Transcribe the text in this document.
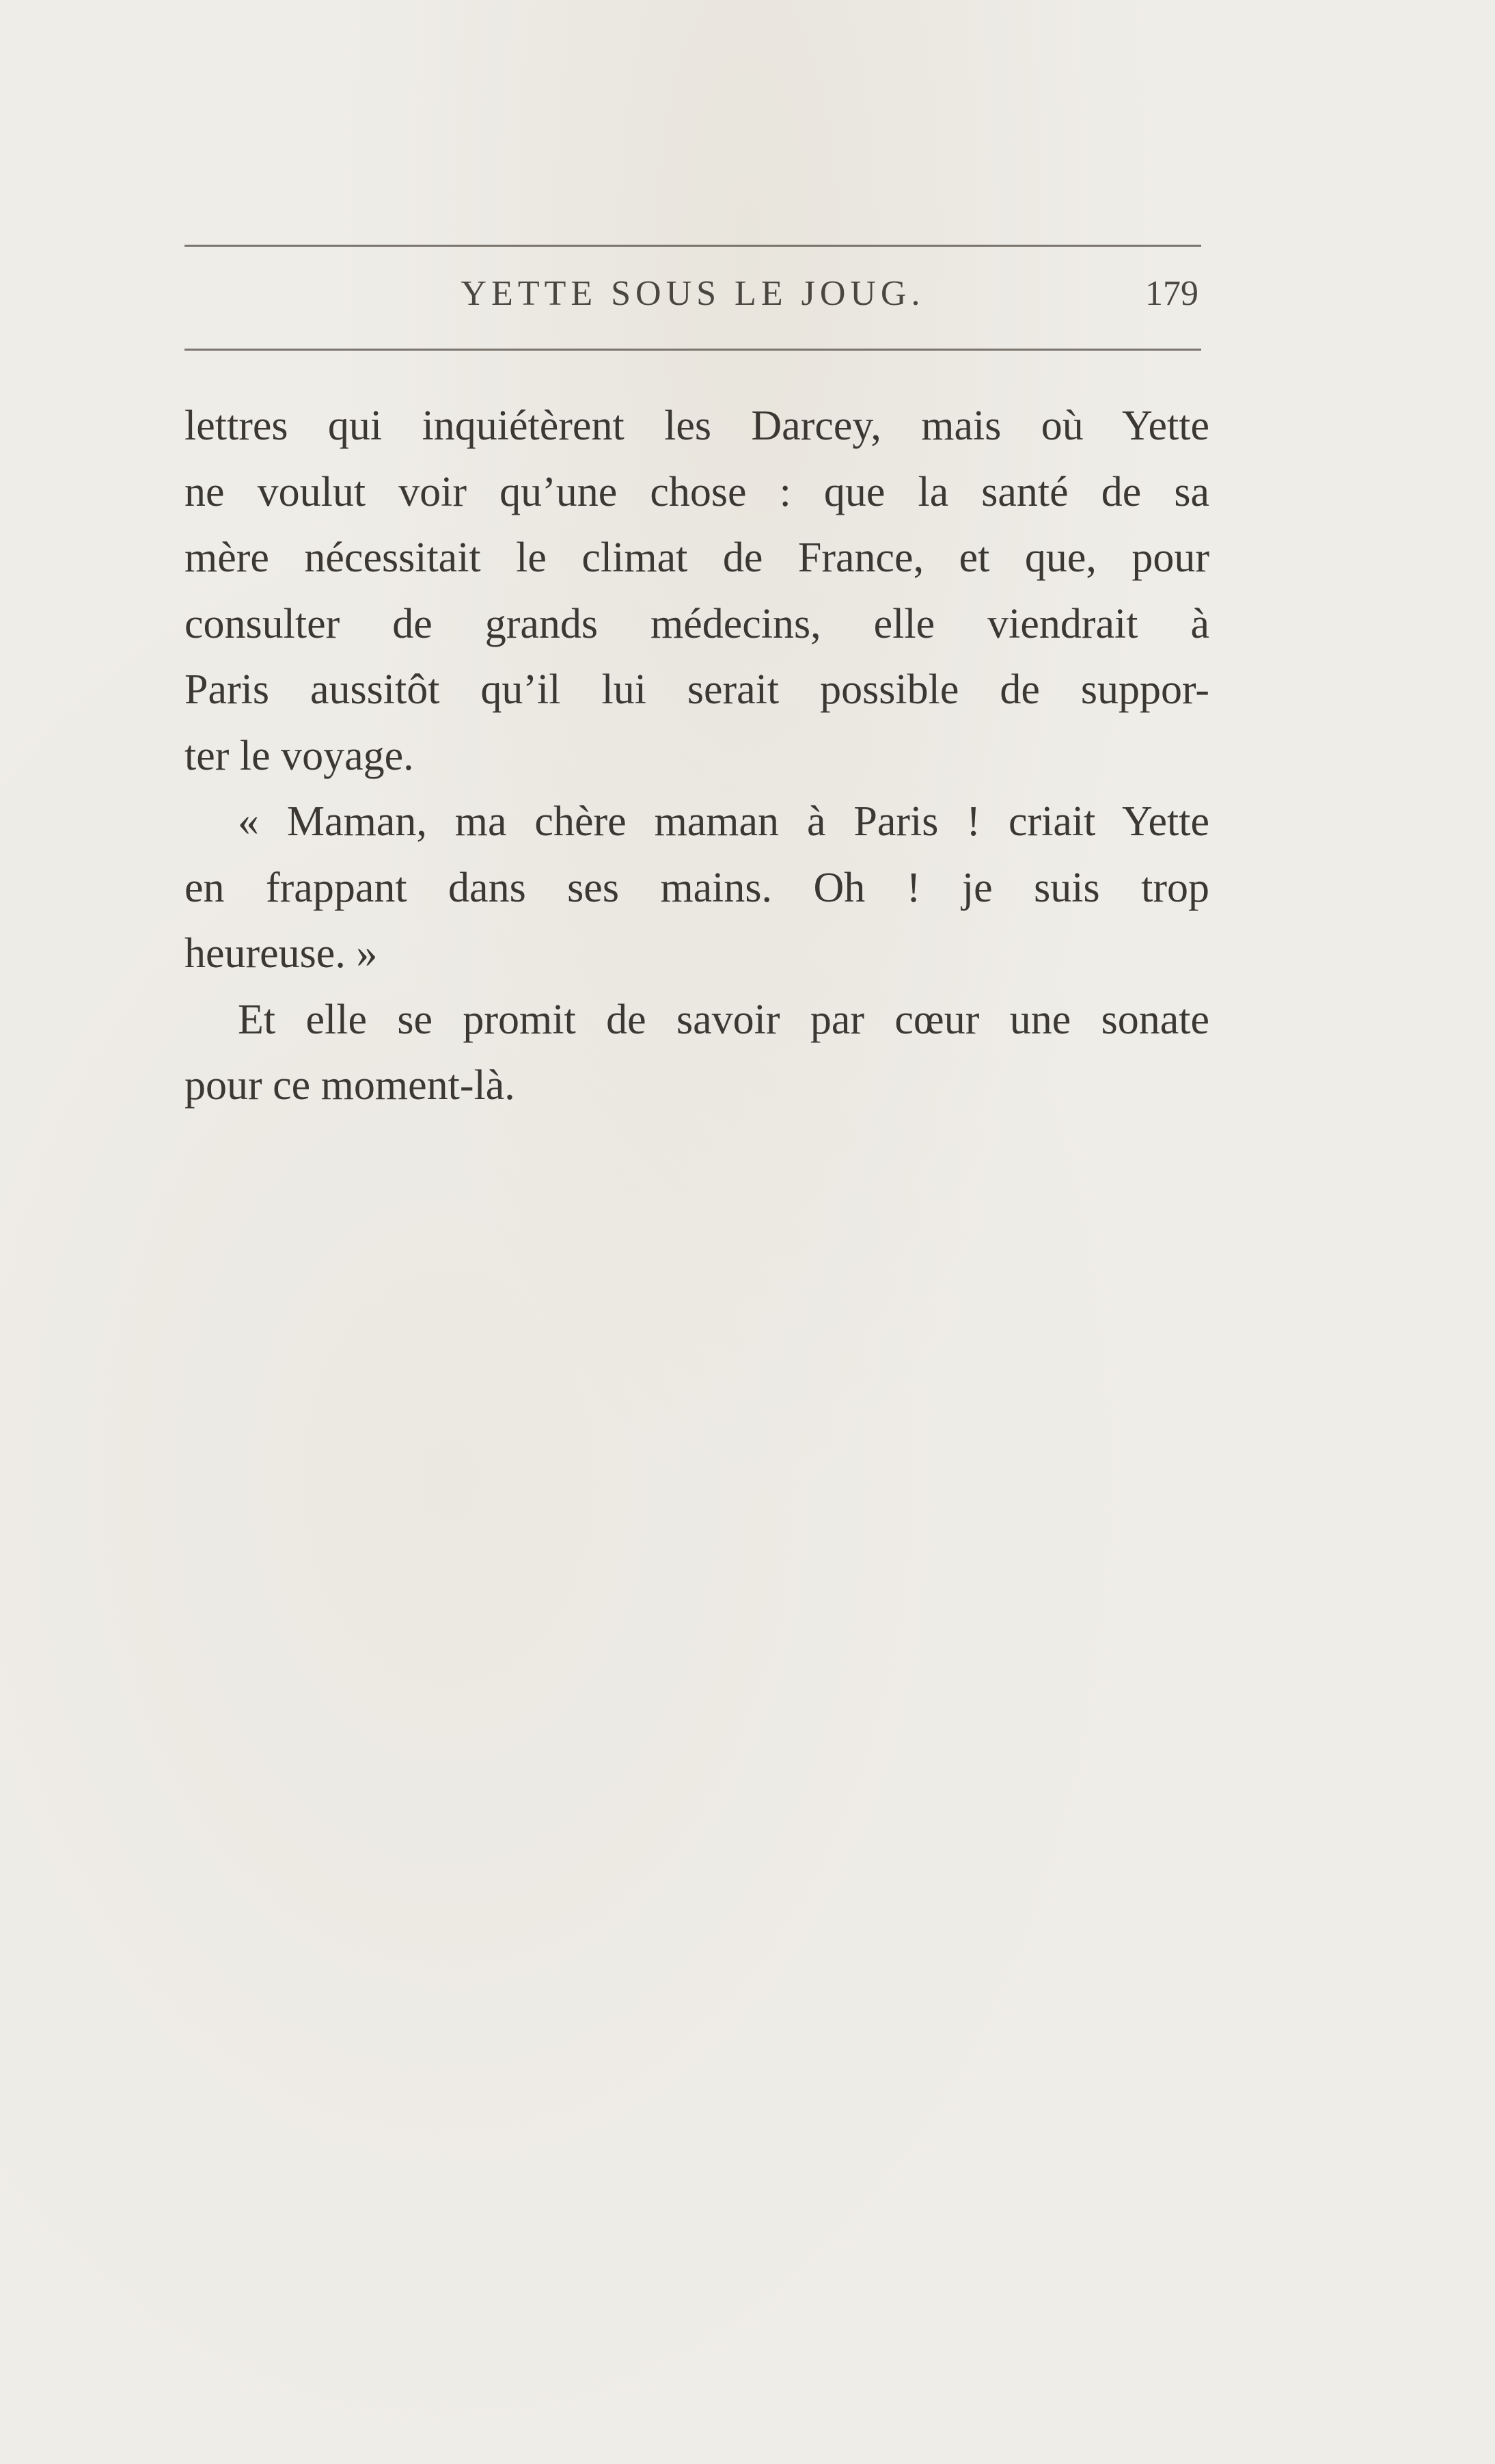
YETTE SOUS LE JOUG.	179

lettres qui inquiétèrent les Darcey, mais où Yette
ne voulut voir qu’une chose : que la santé de sa
mère nécessitait le climat de France, et que, pour
consulter de grands médecins, elle viendrait à
Paris aussitôt qu’il lui serait possible de suppor-
ter le voyage.

« Maman, ma chère maman à Paris ! criait Yette
en frappant dans ses mains. Oh ! je suis trop
heureuse. »

Et elle se promit de savoir par cœur une sonate
pour ce moment-là.
